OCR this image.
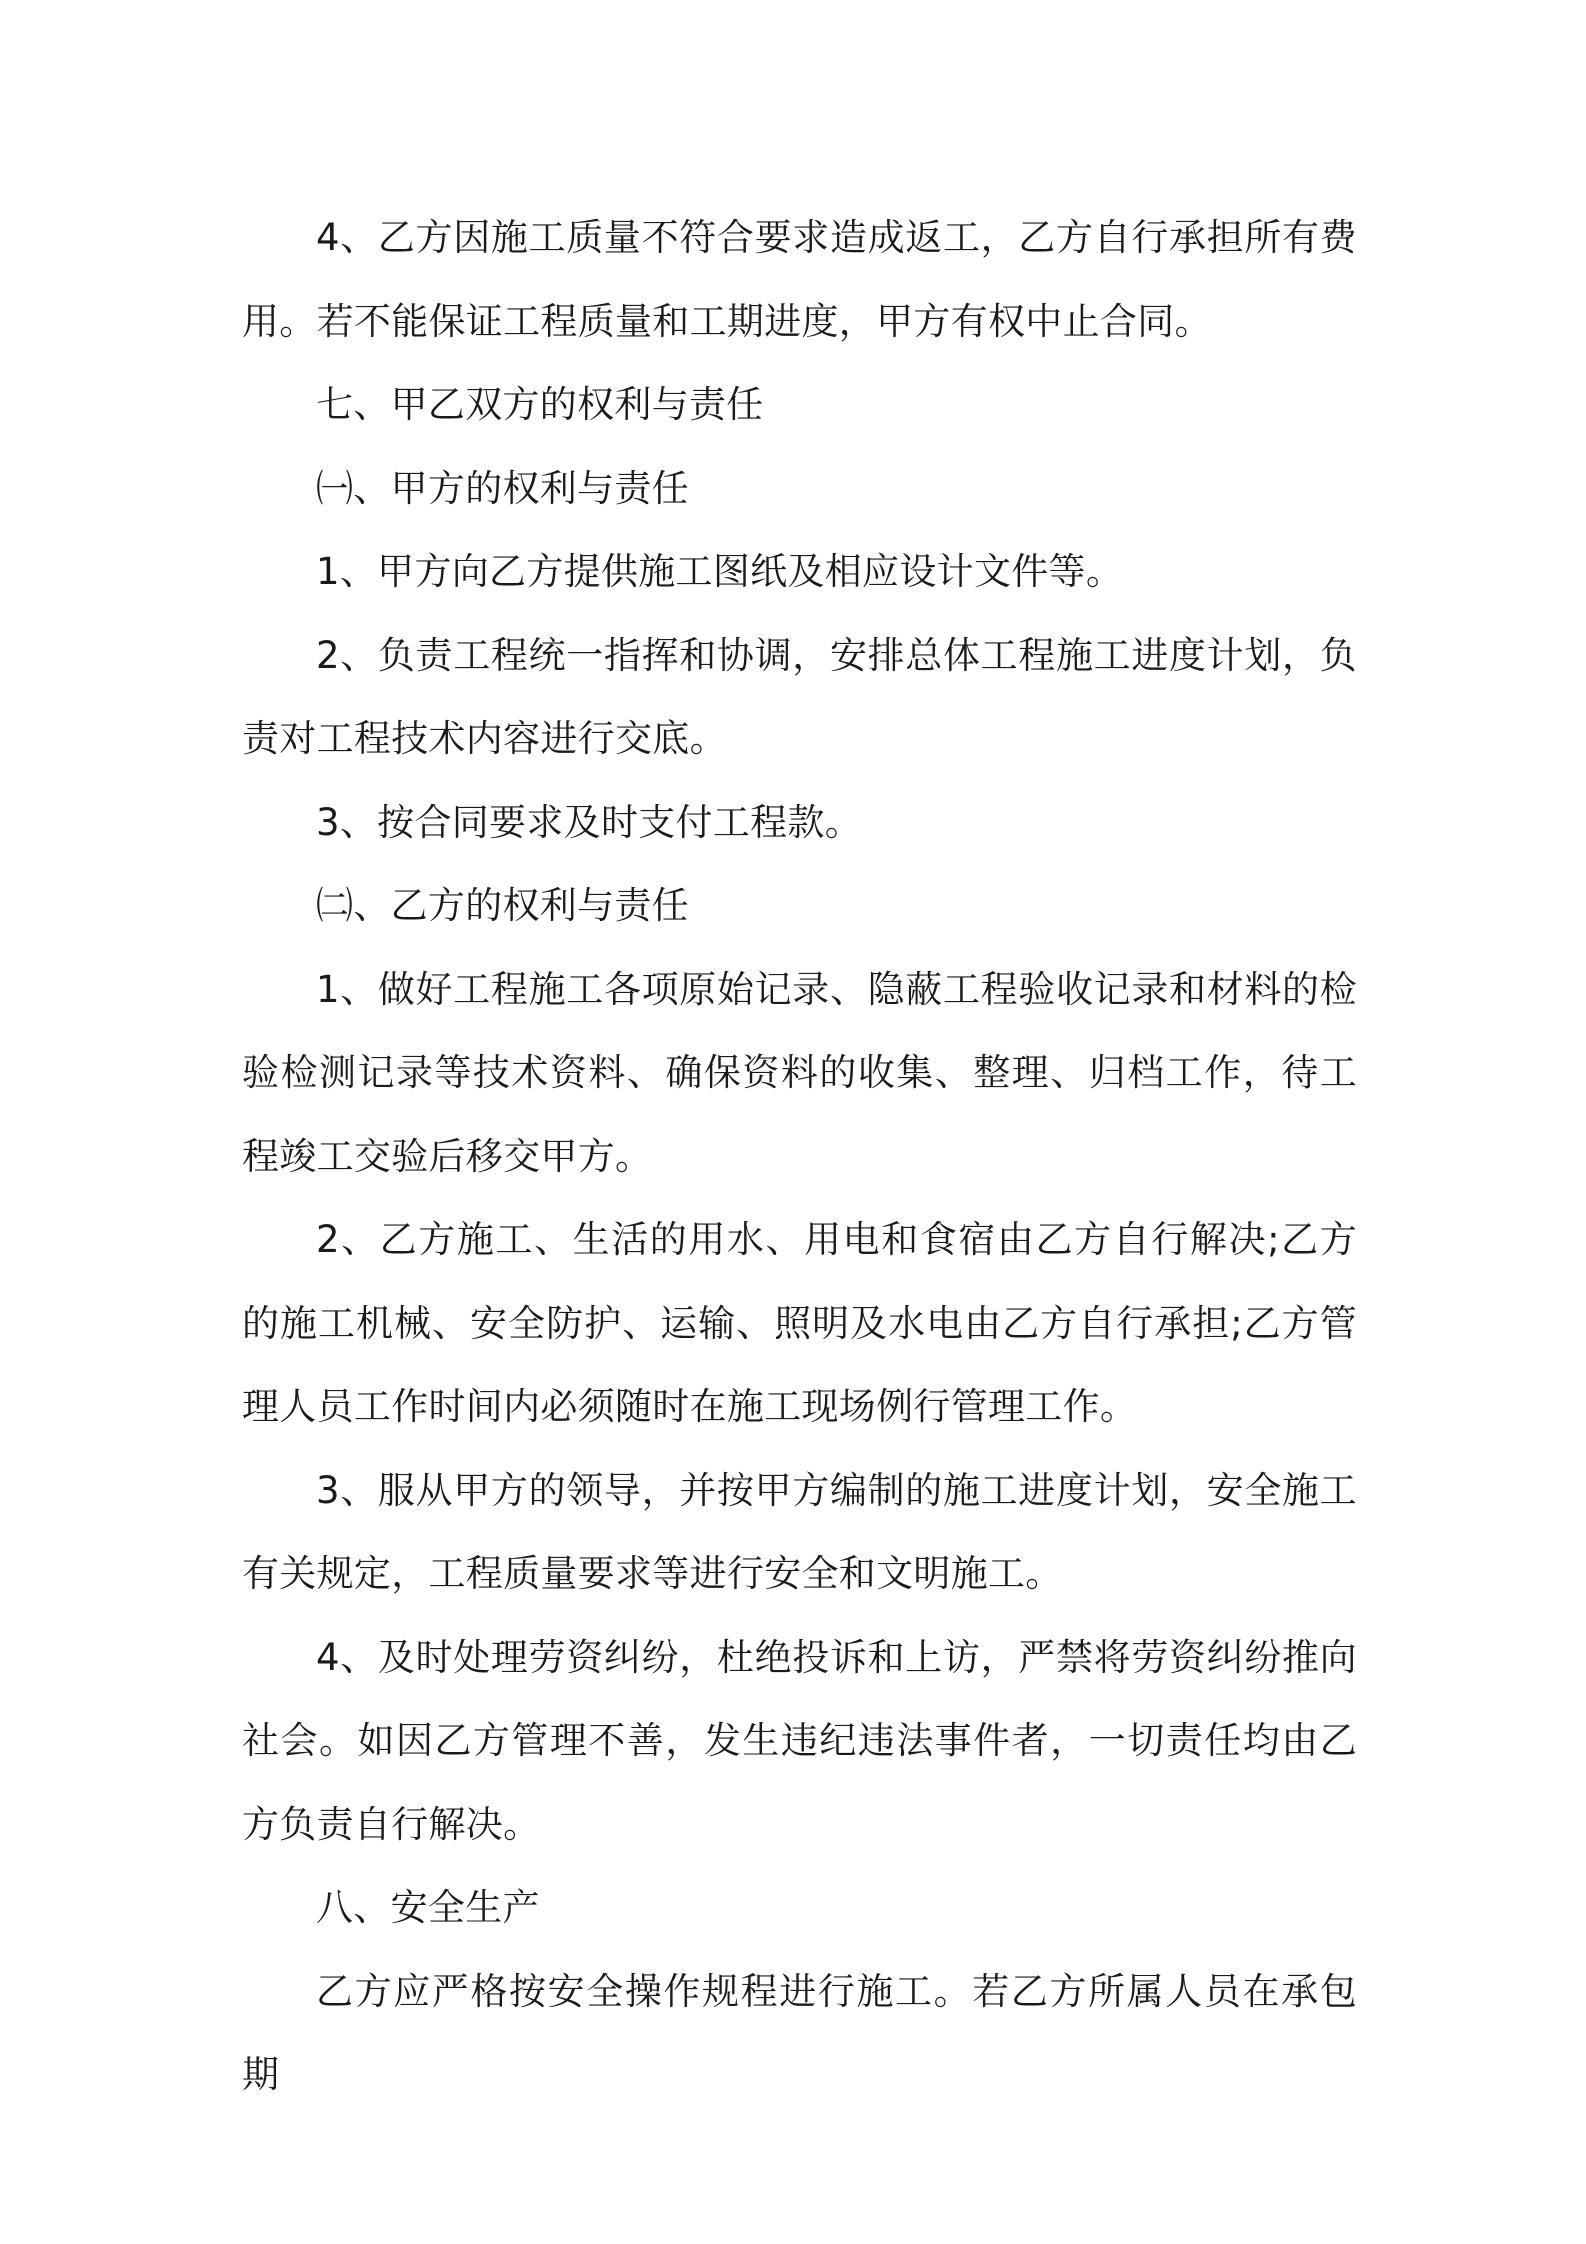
4、乙方因施工质量不符合要求造成返工，乙方自行承担所有费用。若不能保证工程质量和工期进度，甲方有权中止合同。

七、甲乙双方的权利与责任

㈠、甲方的权利与责任

1、甲方向乙方提供施工图纸及相应设计文件等。

2、负责工程统一指挥和协调，安排总体工程施工进度计划，负责对工程技术内容进行交底。

3、按合同要求及时支付工程款。

㈡、乙方的权利与责任

1、做好工程施工各项原始记录、隐蔽工程验收记录和材料的检验检测记录等技术资料、确保资料的收集、整理、归档工作，待工程竣工交验后移交甲方。

2、乙方施工、生活的用水、用电和食宿由乙方自行解决;乙方的施工机械、安全防护、运输、照明及水电由乙方自行承担;乙方管理人员工作时间内必须随时在施工现场例行管理工作。

3、服从甲方的领导，并按甲方编制的施工进度计划，安全施工有关规定，工程质量要求等进行安全和文明施工。

4、及时处理劳资纠纷，杜绝投诉和上访，严禁将劳资纠纷推向社会。如因乙方管理不善，发生违纪违法事件者，一切责任均由乙方负责自行解决。

八、安全生产

乙方应严格按安全操作规程进行施工。若乙方所属人员在承包期
